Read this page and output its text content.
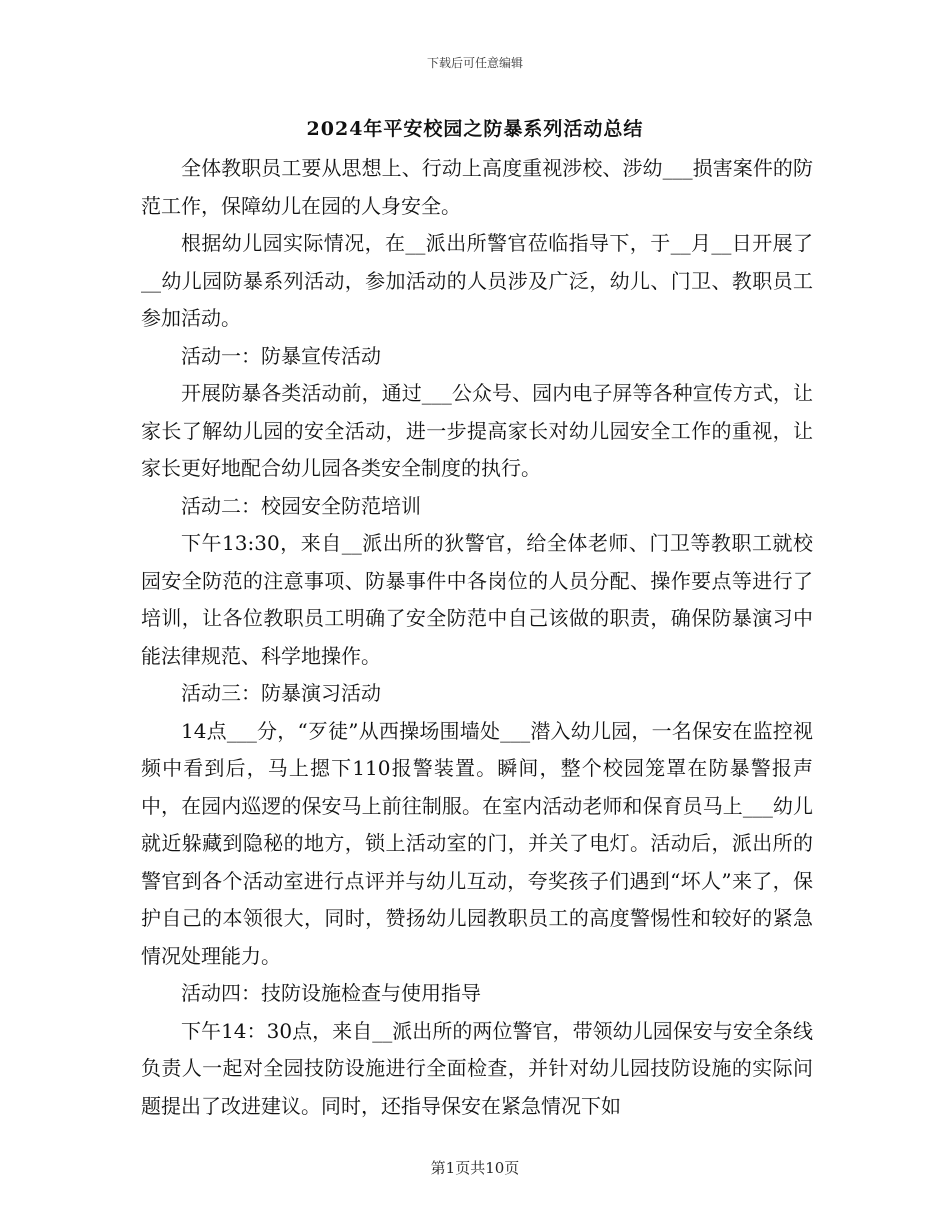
下载后可任意编辑
2024年平安校园之防暴系列活动总结

全体教职员工要从思想上、行动上高度重视涉校、涉幼___损害案件的防范工作，保障幼儿在园的人身安全。

根据幼儿园实际情况，在__派出所警官莅临指导下，于__月__日开展了__幼儿园防暴系列活动，参加活动的人员涉及广泛，幼儿、门卫、教职员工参加活动。

活动一：防暴宣传活动

开展防暴各类活动前，通过___公众号、园内电子屏等各种宣传方式，让家长了解幼儿园的安全活动，进一步提高家长对幼儿园安全工作的重视，让家长更好地配合幼儿园各类安全制度的执行。

活动二：校园安全防范培训

下午13:30，来自__派出所的狄警官，给全体老师、门卫等教职工就校园安全防范的注意事项、防暴事件中各岗位的人员分配、操作要点等进行了培训，让各位教职员工明确了安全防范中自己该做的职责，确保防暴演习中能法律规范、科学地操作。

活动三：防暴演习活动

14点___分，“歹徒”从西操场围墙处___潜入幼儿园，一名保安在监控视频中看到后，马上摁下110报警装置。瞬间，整个校园笼罩在防暴警报声中，在园内巡逻的保安马上前往制服。在室内活动老师和保育员马上___幼儿就近躲藏到隐秘的地方，锁上活动室的门，并关了电灯。活动后，派出所的警官到各个活动室进行点评并与幼儿互动，夸奖孩子们遇到“坏人”来了，保护自己的本领很大，同时，赞扬幼儿园教职员工的高度警惕性和较好的紧急情况处理能力。

活动四：技防设施检查与使用指导

下午14：30点，来自__派出所的两位警官，带领幼儿园保安与安全条线负责人一起对全园技防设施进行全面检查，并针对幼儿园技防设施的实际问题提出了改进建议。同时，还指导保安在紧急情况下如

第1页共10页
